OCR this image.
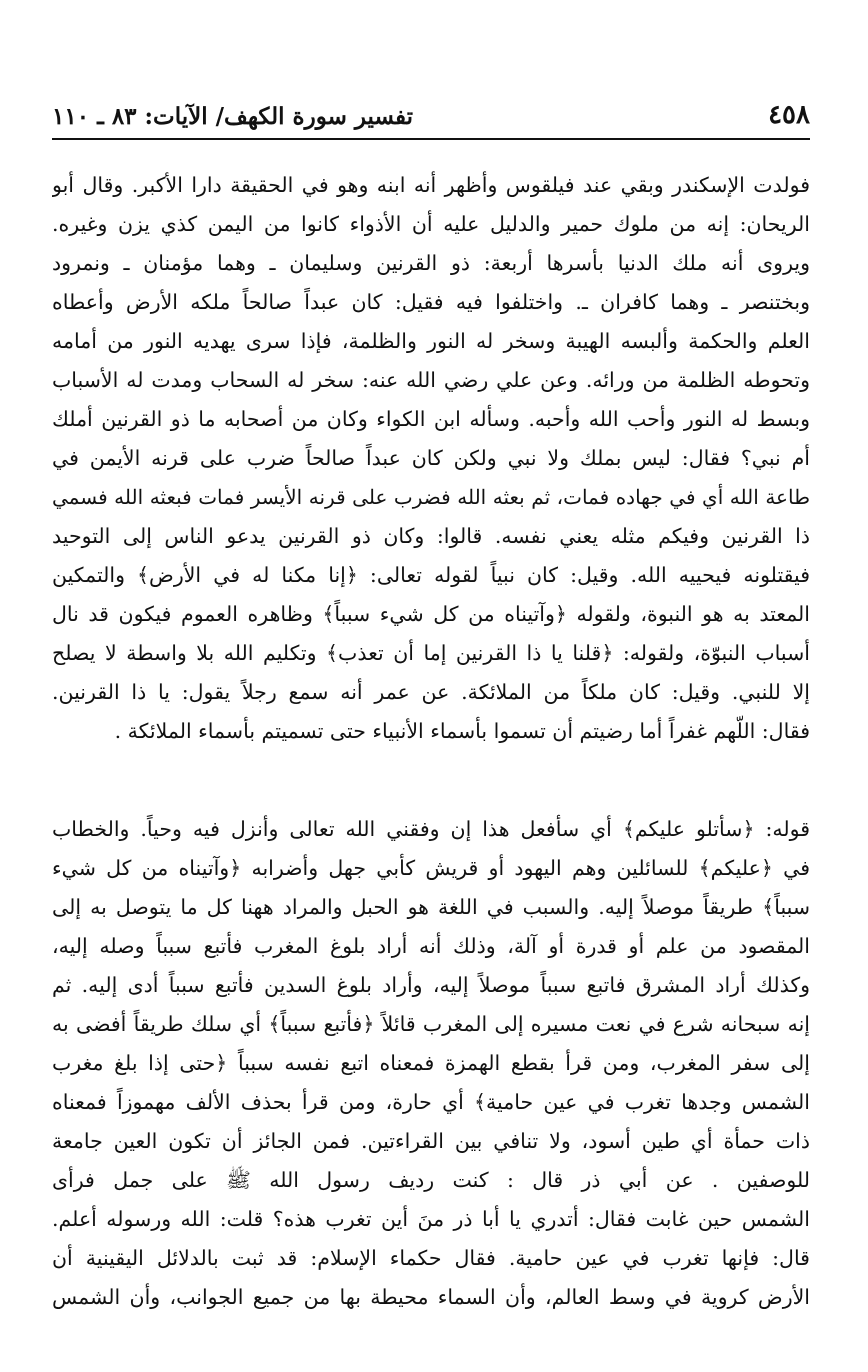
٤٥٨
تفسير سورة الكهف/ الآيات: ٨٣ ـ ١١٠
فولدت الإسكندر وبقي عند فيلقوس وأظهر أنه ابنه وهو في الحقيقة دارا الأكبر. وقال أبو
الريحان: إنه من ملوك حمير والدليل عليه أن الأذواء كانوا من اليمن كذي يزن وغيره.
ويروى أنه ملك الدنيا بأسرها أربعة: ذو القرنين وسليمان ـ وهما مؤمنان ـ ونمرود
وبختنصر ـ وهما كافران ـ. واختلفوا فيه فقيل: كان عبداً صالحاً ملكه الأرض وأعطاه
العلم والحكمة وألبسه الهيبة وسخر له النور والظلمة، فإذا سرى يهديه النور من أمامه
وتحوطه الظلمة من ورائه. وعن علي رضي الله عنه: سخر له السحاب ومدت له الأسباب
وبسط له النور وأحب الله وأحبه. وسأله ابن الكواء وكان من أصحابه ما ذو القرنين أملك
أم نبي؟ فقال: ليس بملك ولا نبي ولكن كان عبداً صالحاً ضرب على قرنه الأيمن في
طاعة الله أي في جهاده فمات، ثم بعثه الله فضرب على قرنه الأيسر فمات فبعثه الله فسمي
ذا القرنين وفيكم مثله يعني نفسه. قالوا: وكان ذو القرنين يدعو الناس إلى التوحيد
فيقتلونه فيحييه الله. وقيل: كان نبياً لقوله تعالى: ﴿إنا مكنا له في الأرض﴾ والتمكين
المعتد به هو النبوة، ولقوله ﴿وآتيناه من كل شيء سبباً﴾ وظاهره العموم فيكون قد نال
أسباب النبوّة، ولقوله: ﴿قلنا يا ذا القرنين إما أن تعذب﴾ وتكليم الله بلا واسطة لا يصلح
إلا للنبي. وقيل: كان ملكاً من الملائكة. عن عمر أنه سمع رجلاً يقول: يا ذا القرنين.
فقال: اللّهم غفراً أما رضيتم أن تسموا بأسماء الأنبياء حتى تسميتم بأسماء الملائكة .
قوله: ﴿سأتلو عليكم﴾ أي سأفعل هذا إن وفقني الله تعالى وأنزل فيه وحياً. والخطاب
في ﴿عليكم﴾ للسائلين وهم اليهود أو قريش كأبي جهل وأضرابه ﴿وآتيناه من كل شيء
سبباً﴾ طريقاً موصلاً إليه. والسبب في اللغة هو الحبل والمراد ههنا كل ما يتوصل به إلى
المقصود من علم أو قدرة أو آلة، وذلك أنه أراد بلوغ المغرب فأتبع سبباً وصله إليه،
وكذلك أراد المشرق فاتبع سبباً موصلاً إليه، وأراد بلوغ السدين فأتبع سبباً أدى إليه. ثم
إنه سبحانه شرع في نعت مسيره إلى المغرب قائلاً ﴿فأتبع سبباً﴾ أي سلك طريقاً أفضى به
إلى سفر المغرب، ومن قرأ بقطع الهمزة فمعناه اتبع نفسه سبباً ﴿حتى إذا بلغ مغرب
الشمس وجدها تغرب في عين حامية﴾ أي حارة، ومن قرأ بحذف الألف مهموزاً فمعناه
ذات حمأة أي طين أسود، ولا تنافي بين القراءتين. فمن الجائز أن تكون العين جامعة
للوصفين . عن أبي ذر قال : كنت رديف رسول الله ﷺ على جمل فرأى
الشمس حين غابت فقال: أتدري يا أبا ذر منَ أين تغرب هذه؟ قلت: الله ورسوله أعلم.
قال: فإنها تغرب في عين حامية. فقال حكماء الإسلام: قد ثبت بالدلائل اليقينية أن
الأرض كروية في وسط العالم، وأن السماء محيطة بها من جميع الجوانب، وأن الشمس
